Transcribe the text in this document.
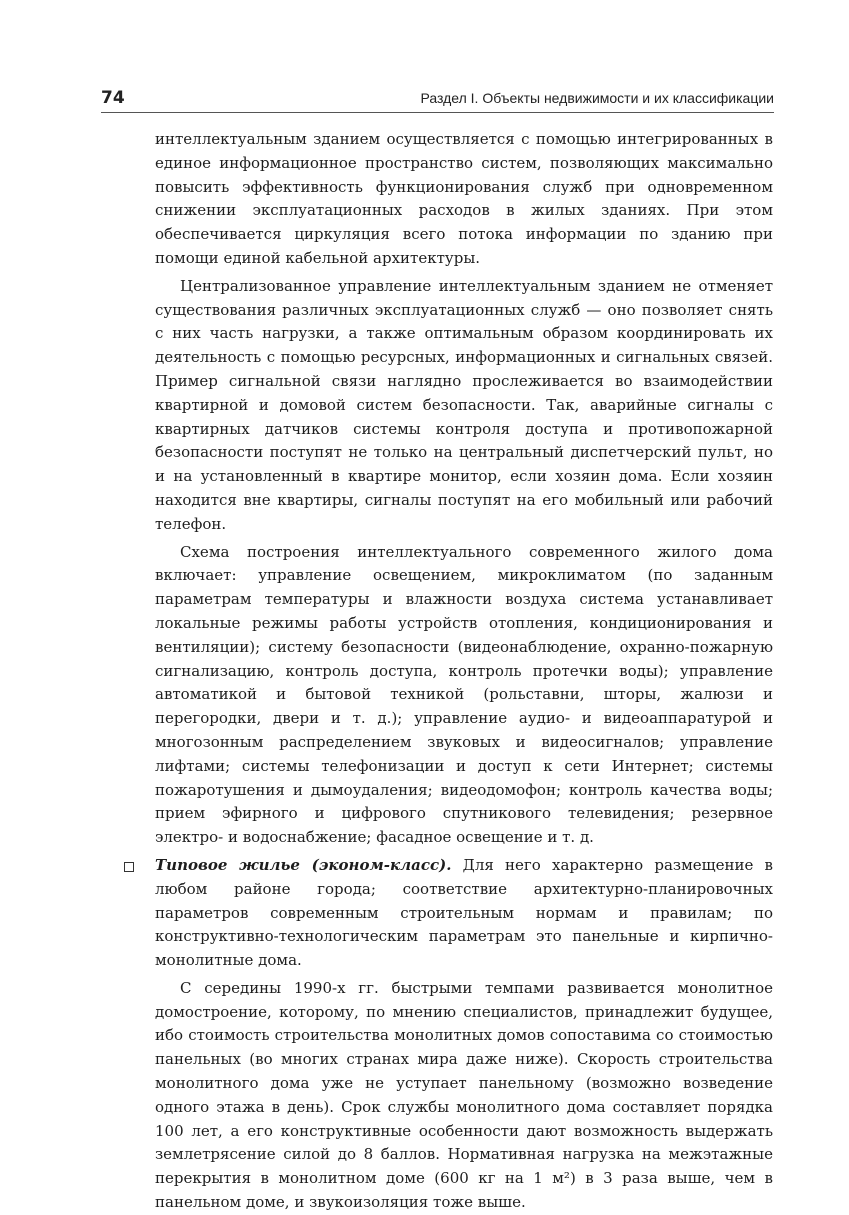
74	Раздел I. Объекты недвижимости и их классификации

интеллектуальным зданием осуществляется с помощью интегрированных в единое информационное пространство систем, позволяющих максимально повысить эффективность функционирования служб при одновременном снижении эксплуатационных расходов в жилых зданиях. При этом обеспечивается циркуляция всего потока информации по зданию при помощи единой кабельной архитектуры.

Централизованное управление интеллектуальным зданием не отменяет существования различных эксплуатационных служб — оно позволяет снять с них часть нагрузки, а также оптимальным образом координировать их деятельность с помощью ресурсных, информационных и сигнальных связей. Пример сигнальной связи наглядно прослеживается во взаимодействии квартирной и домовой систем безопасности. Так, аварийные сигналы с квартирных датчиков системы контроля доступа и противопожарной безопасности поступят не только на центральный диспетчерский пульт, но и на установленный в квартире монитор, если хозяин дома. Если хозяин находится вне квартиры, сигналы поступят на его мобильный или рабочий телефон.

Схема построения интеллектуального современного жилого дома включает: управление освещением, микроклиматом (по заданным параметрам температуры и влажности воздуха система устанавливает локальные режимы работы устройств отопления, кондиционирования и вентиляции); систему безопасности (видеонаблюдение, охранно-пожарную сигнализацию, контроль доступа, контроль протечки воды); управление автоматикой и бытовой техникой (рольставни, шторы, жалюзи и перегородки, двери и т. д.); управление аудио- и видеоаппаратурой и многозонным распределением звуковых и видеосигналов; управление лифтами; системы телефонизации и доступ к сети Интернет; системы пожаротушения и дымоудаления; видеодомофон; контроль качества воды; прием эфирного и цифрового спутникового телевидения; резервное электро- и водоснабжение; фасадное освещение и т. д.

Типовое жилье (эконом-класс). Для него характерно размещение в любом районе города; соответствие архитектурно-планировочных параметров современным строительным нормам и правилам; по конструктивно-технологическим параметрам это панельные и кирпично-монолитные дома.

С середины 1990-х гг. быстрыми темпами развивается монолитное домостроение, которому, по мнению специалистов, принадлежит будущее, ибо стоимость строительства монолитных домов сопоставима со стоимостью панельных (во многих странах мира даже ниже). Скорость строительства монолитного дома уже не уступает панельному (возможно возведение одного этажа в день). Срок службы монолитного дома составляет порядка 100 лет, а его конструктивные особенности дают возможность выдержать землетрясение силой до 8 баллов. Нормативная нагрузка на межэтажные перекрытия в монолитном доме (600 кг на 1 м²) в 3 раза выше, чем в панельном доме, и звукоизоляция тоже выше.
